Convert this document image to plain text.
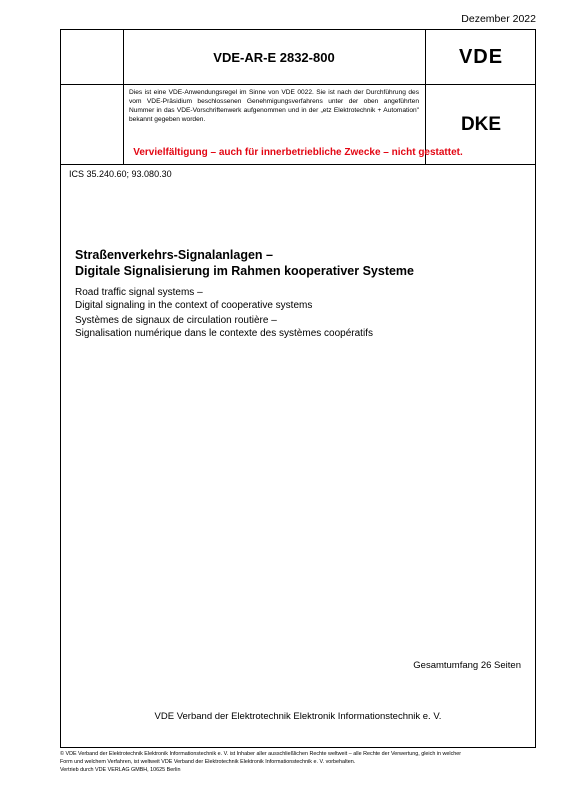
Dezember 2022
VDE-AR-E 2832-800	VDE
Dies ist eine VDE-Anwendungsregel im Sinne von VDE 0022. Sie ist nach der Durchführung des vom VDE-Präsidium beschlossenen Genehmigungsverfahrens unter der oben angeführten Nummer in das VDE-Vorschriftenwerk aufgenommen und in der „etz Elektrotechnik + Automation" bekannt gegeben worden.	DKE
Vervielfältigung – auch für innerbetriebliche Zwecke – nicht gestattet.
ICS 35.240.60; 93.080.30
Straßenverkehrs-Signalanlagen –
Digitale Signalisierung im Rahmen kooperativer Systeme
Road traffic signal systems –
Digital signaling in the context of cooperative systems
Systèmes de signaux de circulation routière –
Signalisation numérique dans le contexte des systèmes coopératifs
Gesamtumfang 26 Seiten
VDE Verband der Elektrotechnik Elektronik Informationstechnik e. V.
© VDE Verband der Elektrotechnik Elektronik Informationstechnik e. V. ist Inhaber aller ausschließlichen Rechte weltweit – alle Rechte der Verwertung, gleich in welcher
Form und welchem Verfahren, ist weltweit VDE Verband der Elektrotechnik Elektronik Informationstechnik e. V. vorbehalten.
Vertrieb durch VDE VERLAG GMBH, 10625 Berlin
